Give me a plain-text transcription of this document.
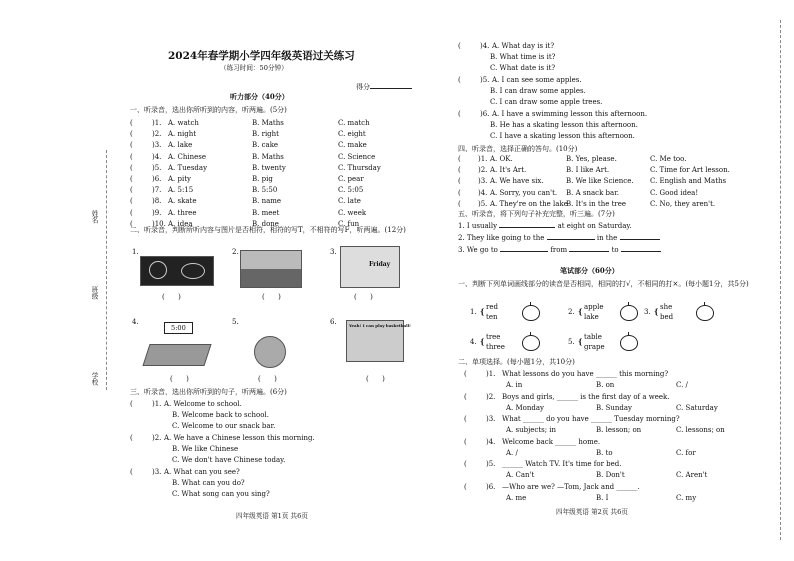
姓名
班级
学校
2024年春学期小学四年级英语过关练习
（练习时间：50分钟）
得分
听力部分（40分）
一、听录音，选出你所听到的内容，听两遍。(5分)
(	)1. A. watch	B. Maths	C. match
(	)2. A. night	B. right	C. eight
(	)3. A. lake	B. cake	C. make
(	)4. A. Chinese	B. Maths	C. Science
(	)5. A. Tuesday	B. twenty	C. Thursday
(	)6. A. pity	B. pig	C. pear
(	)7. A. 5:15	B. 5:50	C. 5:05
(	)8. A. skate	B. name	C. late
(	)9. A. three	B. meet	C. week
(	)10. A. idea	B. done	C. fun
二、听录音，判断所听内容与图片是否相符，相符的写T，不相符的写F，听两遍。(12分)
1.
(      )
2.
(      )
3.
Friday
(      )
4.
5:00
(      )
5.
(      )
6.	Yeah! I can play basketball!
(      )
三、听录音，选出你所听到的句子，听两遍。(6分)
(	)1. A. Welcome to school.
B. Welcome back to school.
C. Welcome to our snack bar.
(	)2. A. We have a Chinese lesson this morning.
B. We like Chinese
C. We don't have Chinese today.
(	)3. A. What can you see?
B. What can you do?
C. What song can you sing?
四年级英语 第1页 共6页
(	)4. A. What day is it?
B. What time is it?
C. What date is it?
(	)5. A. I can see some apples.
B. I can draw some apples.
C. I can draw some apple trees.
(	)6. A. I have a swimming lesson this afternoon.
B. He has a skating lesson this afternoon.
C. I have a skating lesson this afternoon.
四、听录音，选择正确的答句。(10分)
( )1. A. OK.	B. Yes, please.	C. Me too.
( )2. A. It's Art.	B. I like Art.	C. Time for Art lesson.
( )3. A. We have six.	B. We like Science. C. English and Maths
( )4. A. Sorry, you can't. B. A snack bar.	C. Good idea!
( )5. A. They're on the lake
B. It's in the tree	C. No, they aren't.
五、听录音，将下列句子补充完整，听三遍。(7分)
1. I usually	at eight on Saturday.
2. They like going to the	in the
3. We go to	from	to
笔试部分（60分）
一、判断下列单词画线部分的读音是否相同，相同的打√，不相同的打×。(每小题1分，共5分)
1. { red
ten
2. { apple
lake
3. { she
bed
4. { tree
three
5. { table
grape
二、单项选择。(每小题1分，共10分)
(	)1. What lessons do you have ______ this morning?
A. in	B. on	C. /
(	)2. Boys and girls, ______ is the first day of a week.
A. Monday	B. Sunday	C. Saturday
(	)3. What ______ do you have ______ Tuesday morning?
A. subjects; in	B. lesson; on	C. lessons; on
(	)4. Welcome back ______ home.
A. /	B. to	C. for
(	)5. ______ Watch TV. It's time for bed.
A. Can't	B. Don't	C. Aren't
(	)6. —Who are we? —Tom, Jack and ______.
A. me	B. I	C. my
四年级英语 第2页 共6页
